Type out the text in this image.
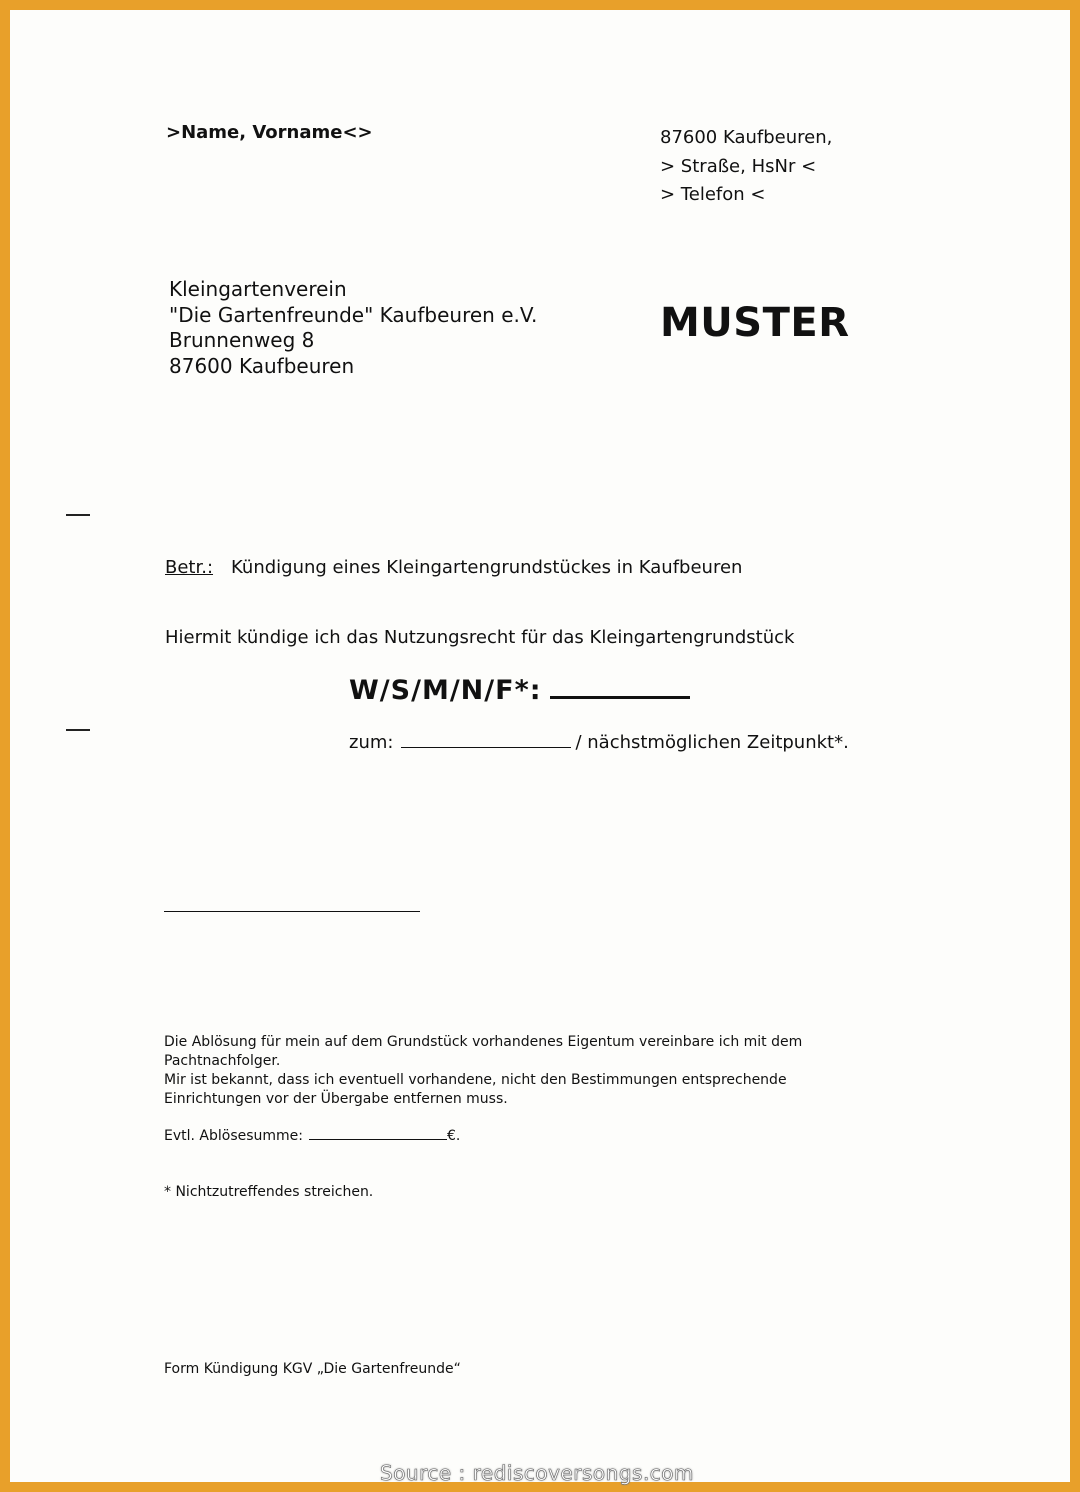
>Name, Vorname<>	87600 Kaufbeuren,
> Straße, HsNr <
> Telefon <
Kleingartenverein
"Die Gartenfreunde" Kaufbeuren e.V.
Brunnenweg 8
87600 Kaufbeuren
MUSTER
Betr.: Kündigung eines Kleingartengrundstückes in Kaufbeuren
Hiermit kündige ich das Nutzungsrecht für das Kleingartengrundstück
W/S/M/N/F*:
zum:	/ nächstmöglichen Zeitpunkt*.
Die Ablösung für mein auf dem Grundstück vorhandenes Eigentum vereinbare ich mit dem
Pachtnachfolger.
Mir ist bekannt, dass ich eventuell vorhandene, nicht den Bestimmungen entsprechende
Einrichtungen vor der Übergabe entfernen muss.
Evtl. Ablösesumme:	€.
* Nichtzutreffendes streichen.
Form Kündigung KGV „Die Gartenfreunde“
Source : rediscoversongs.com
